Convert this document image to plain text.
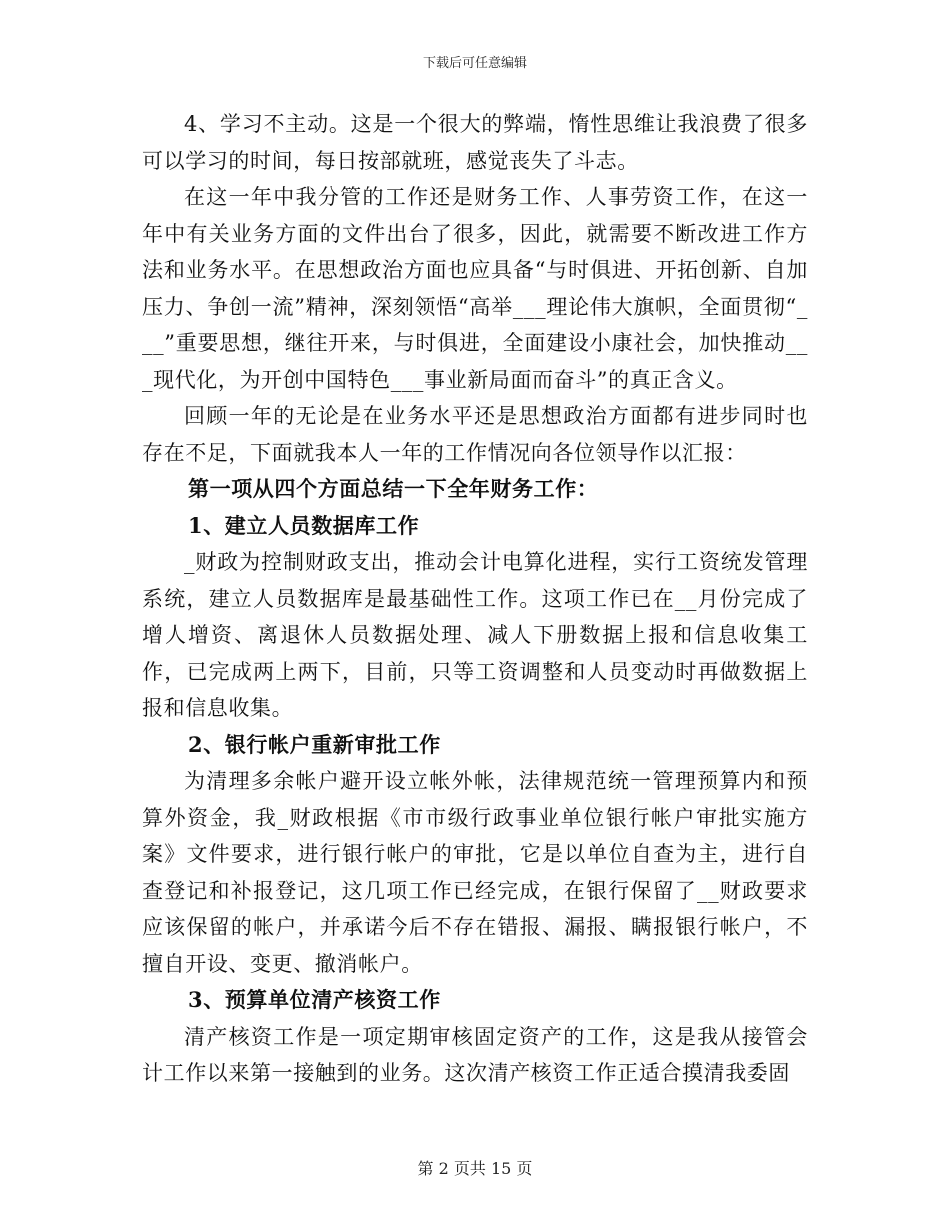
下载后可任意编辑

4、学习不主动。这是一个很大的弊端，惰性思维让我浪费了很多可以学习的时间，每日按部就班，感觉丧失了斗志。

在这一年中我分管的工作还是财务工作、人事劳资工作，在这一年中有关业务方面的文件出台了很多，因此，就需要不断改进工作方法和业务水平。在思想政治方面也应具备“与时俱进、开拓创新、自加压力、争创一流”精神，深刻领悟“高举___理论伟大旗帜，全面贯彻“___”重要思想，继往开来，与时俱进，全面建设小康社会，加快推动___现代化，为开创中国特色___事业新局面而奋斗”的真正含义。

回顾一年的无论是在业务水平还是思想政治方面都有进步同时也存在不足，下面就我本人一年的工作情况向各位领导作以汇报：

第一项从四个方面总结一下全年财务工作：

1、建立人员数据库工作

_财政为控制财政支出，推动会计电算化进程，实行工资统发管理系统，建立人员数据库是最基础性工作。这项工作已在__月份完成了增人增资、离退休人员数据处理、减人下册数据上报和信息收集工作，已完成两上两下，目前，只等工资调整和人员变动时再做数据上报和信息收集。

2、银行帐户重新审批工作

为清理多余帐户避开设立帐外帐，法律规范统一管理预算内和预算外资金，我_财政根据《市市级行政事业单位银行帐户审批实施方案》文件要求，进行银行帐户的审批，它是以单位自查为主，进行自查登记和补报登记，这几项工作已经完成，在银行保留了__财政要求应该保留的帐户，并承诺今后不存在错报、漏报、瞒报银行帐户，不擅自开设、变更、撤消帐户。

3、预算单位清产核资工作

清产核资工作是一项定期审核固定资产的工作，这是我从接管会计工作以来第一接触到的业务。这次清产核资工作正适合摸清我委固

第 2 页共 15 页
